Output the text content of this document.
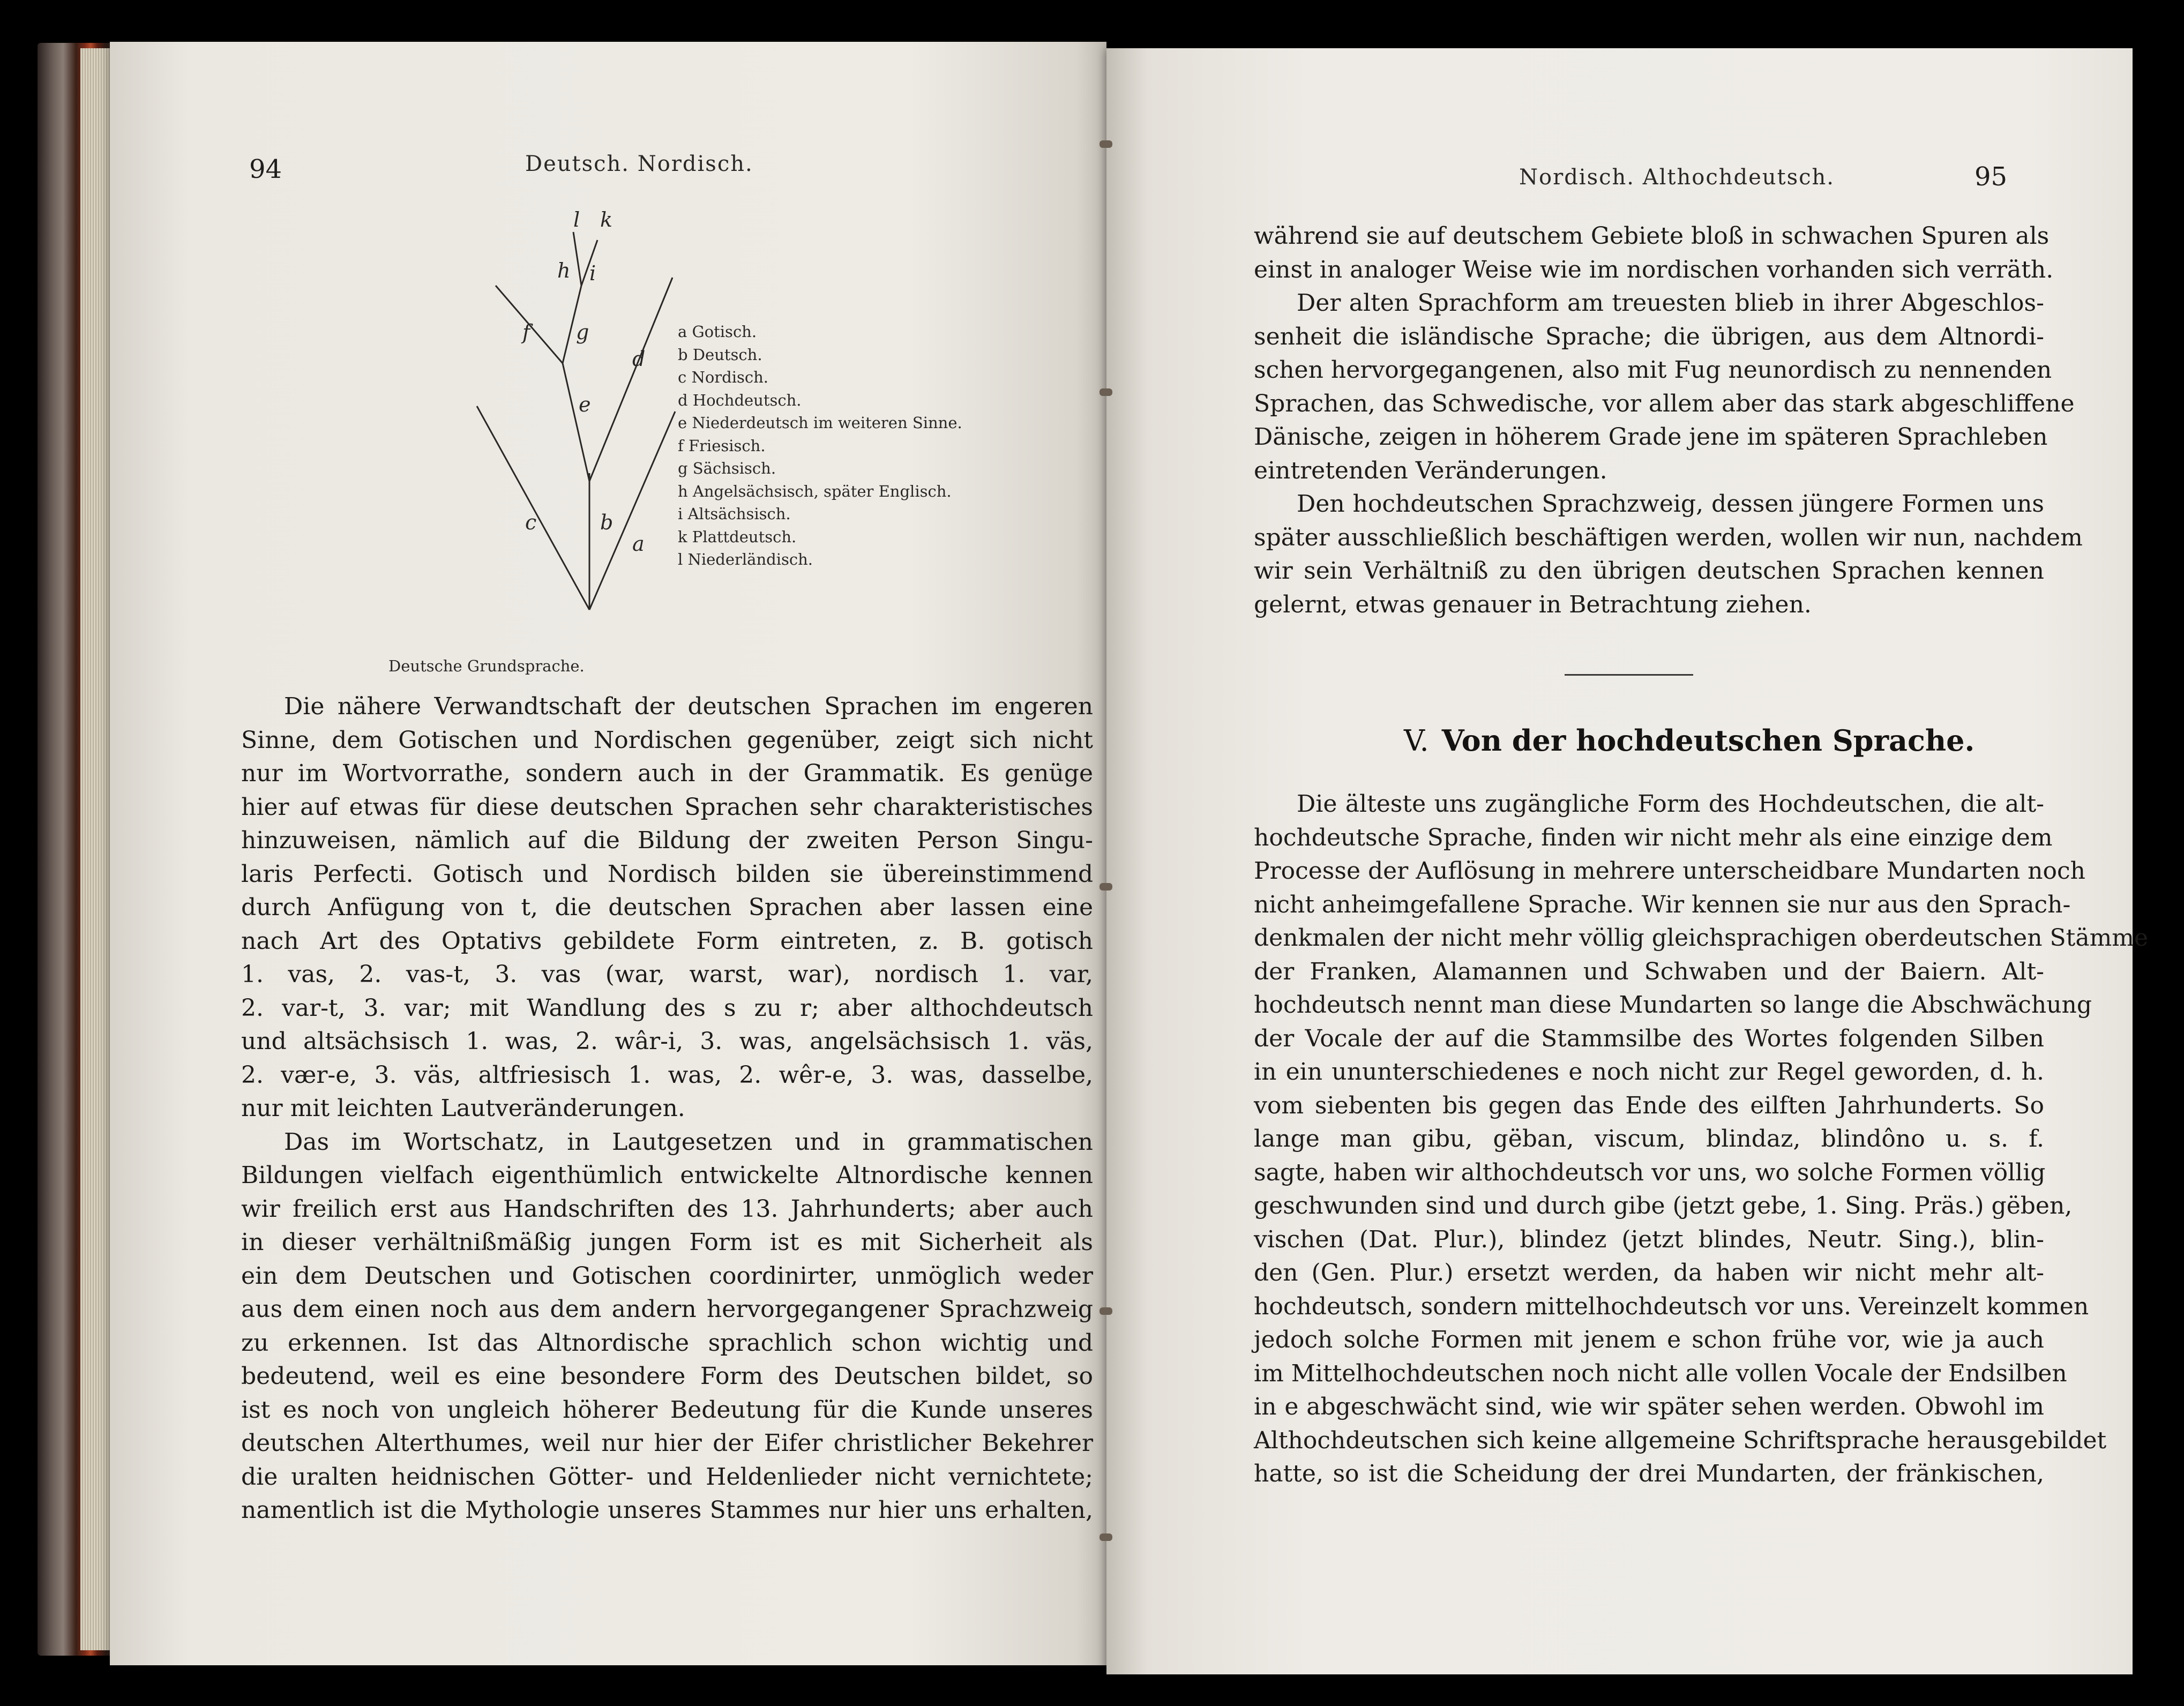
94	Deutsch. Nordisch.
l k
h i
f g
d
e
c	b
a
a Gotisch.
b Deutsch.
c Nordisch.
d Hochdeutsch.
e Niederdeutsch im weiteren Sinne.
f Friesisch.
g Sächsisch.
h Angelsächsisch, später Englisch.
i Altsächsisch.
k Plattdeutsch.
l Niederländisch.
Deutsche Grundsprache.
Die nähere Verwandtschaft der deutschen Sprachen im engeren
Sinne, dem Gotischen und Nordischen gegenüber, zeigt sich nicht
nur im Wortvorrathe, sondern auch in der Grammatik. Es genüge
hier auf etwas für diese deutschen Sprachen sehr charakteristisches
hinzuweisen, nämlich auf die Bildung der zweiten Person Singu-
laris Perfecti. Gotisch und Nordisch bilden sie übereinstimmend
durch Anfügung von t, die deutschen Sprachen aber lassen eine
nach Art des Optativs gebildete Form eintreten, z. B. gotisch
1. vas, 2. vas-t, 3. vas (war, warst, war), nordisch 1. var,
2. var-t, 3. var; mit Wandlung des s zu r; aber althochdeutsch
und altsächsisch 1. was, 2. wâr-i, 3. was, angelsächsisch 1. väs,
2. vær-e, 3. väs, altfriesisch 1. was, 2. wêr-e, 3. was, dasselbe,
nur mit leichten Lautveränderungen.
Das im Wortschatz, in Lautgesetzen und in grammatischen
Bildungen vielfach eigenthümlich entwickelte Altnordische kennen
wir freilich erst aus Handschriften des 13. Jahrhunderts; aber auch
in dieser verhältnißmäßig jungen Form ist es mit Sicherheit als
ein dem Deutschen und Gotischen coordinirter, unmöglich weder
aus dem einen noch aus dem andern hervorgegangener Sprachzweig
zu erkennen. Ist das Altnordische sprachlich schon wichtig und
bedeutend, weil es eine besondere Form des Deutschen bildet, so
ist es noch von ungleich höherer Bedeutung für die Kunde unseres
deutschen Alterthumes, weil nur hier der Eifer christlicher Bekehrer
die uralten heidnischen Götter- und Heldenlieder nicht vernichtete;
namentlich ist die Mythologie unseres Stammes nur hier uns erhalten,
Nordisch. Althochdeutsch.	95
während sie auf deutschem Gebiete bloß in schwachen Spuren als
einst in analoger Weise wie im nordischen vorhanden sich verräth.
Der alten Sprachform am treuesten blieb in ihrer Abgeschlos-
senheit die isländische Sprache; die übrigen, aus dem Altnordi-
schen hervorgegangenen, also mit Fug neunordisch zu nennenden
Sprachen, das Schwedische, vor allem aber das stark abgeschliffene
Dänische, zeigen in höherem Grade jene im späteren Sprachleben
eintretenden Veränderungen.
Den hochdeutschen Sprachzweig, dessen jüngere Formen uns
später ausschließlich beschäftigen werden, wollen wir nun, nachdem
wir sein Verhältniß zu den übrigen deutschen Sprachen kennen
gelernt, etwas genauer in Betrachtung ziehen.
V. Von der hochdeutschen Sprache.
Die älteste uns zugängliche Form des Hochdeutschen, die alt-
hochdeutsche Sprache, finden wir nicht mehr als eine einzige dem
Processe der Auflösung in mehrere unterscheidbare Mundarten noch
nicht anheimgefallene Sprache. Wir kennen sie nur aus den Sprach-
denkmalen der nicht mehr völlig gleichsprachigen oberdeutschen Stämme
der Franken, Alamannen und Schwaben und der Baiern. Alt-
hochdeutsch nennt man diese Mundarten so lange die Abschwächung
der Vocale der auf die Stammsilbe des Wortes folgenden Silben
in ein ununterschiedenes e noch nicht zur Regel geworden, d. h.
vom siebenten bis gegen das Ende des eilften Jahrhunderts. So
lange man gibu, gëban, viscum, blindaz, blindôno u. s. f.
sagte, haben wir althochdeutsch vor uns, wo solche Formen völlig
geschwunden sind und durch gibe (jetzt gebe, 1. Sing. Präs.) gëben,
vischen (Dat. Plur.), blindez (jetzt blindes, Neutr. Sing.), blin-
den (Gen. Plur.) ersetzt werden, da haben wir nicht mehr alt-
hochdeutsch, sondern mittelhochdeutsch vor uns. Vereinzelt kommen
jedoch solche Formen mit jenem e schon frühe vor, wie ja auch
im Mittelhochdeutschen noch nicht alle vollen Vocale der Endsilben
in e abgeschwächt sind, wie wir später sehen werden. Obwohl im
Althochdeutschen sich keine allgemeine Schriftsprache herausgebildet
hatte, so ist die Scheidung der drei Mundarten, der fränkischen,
